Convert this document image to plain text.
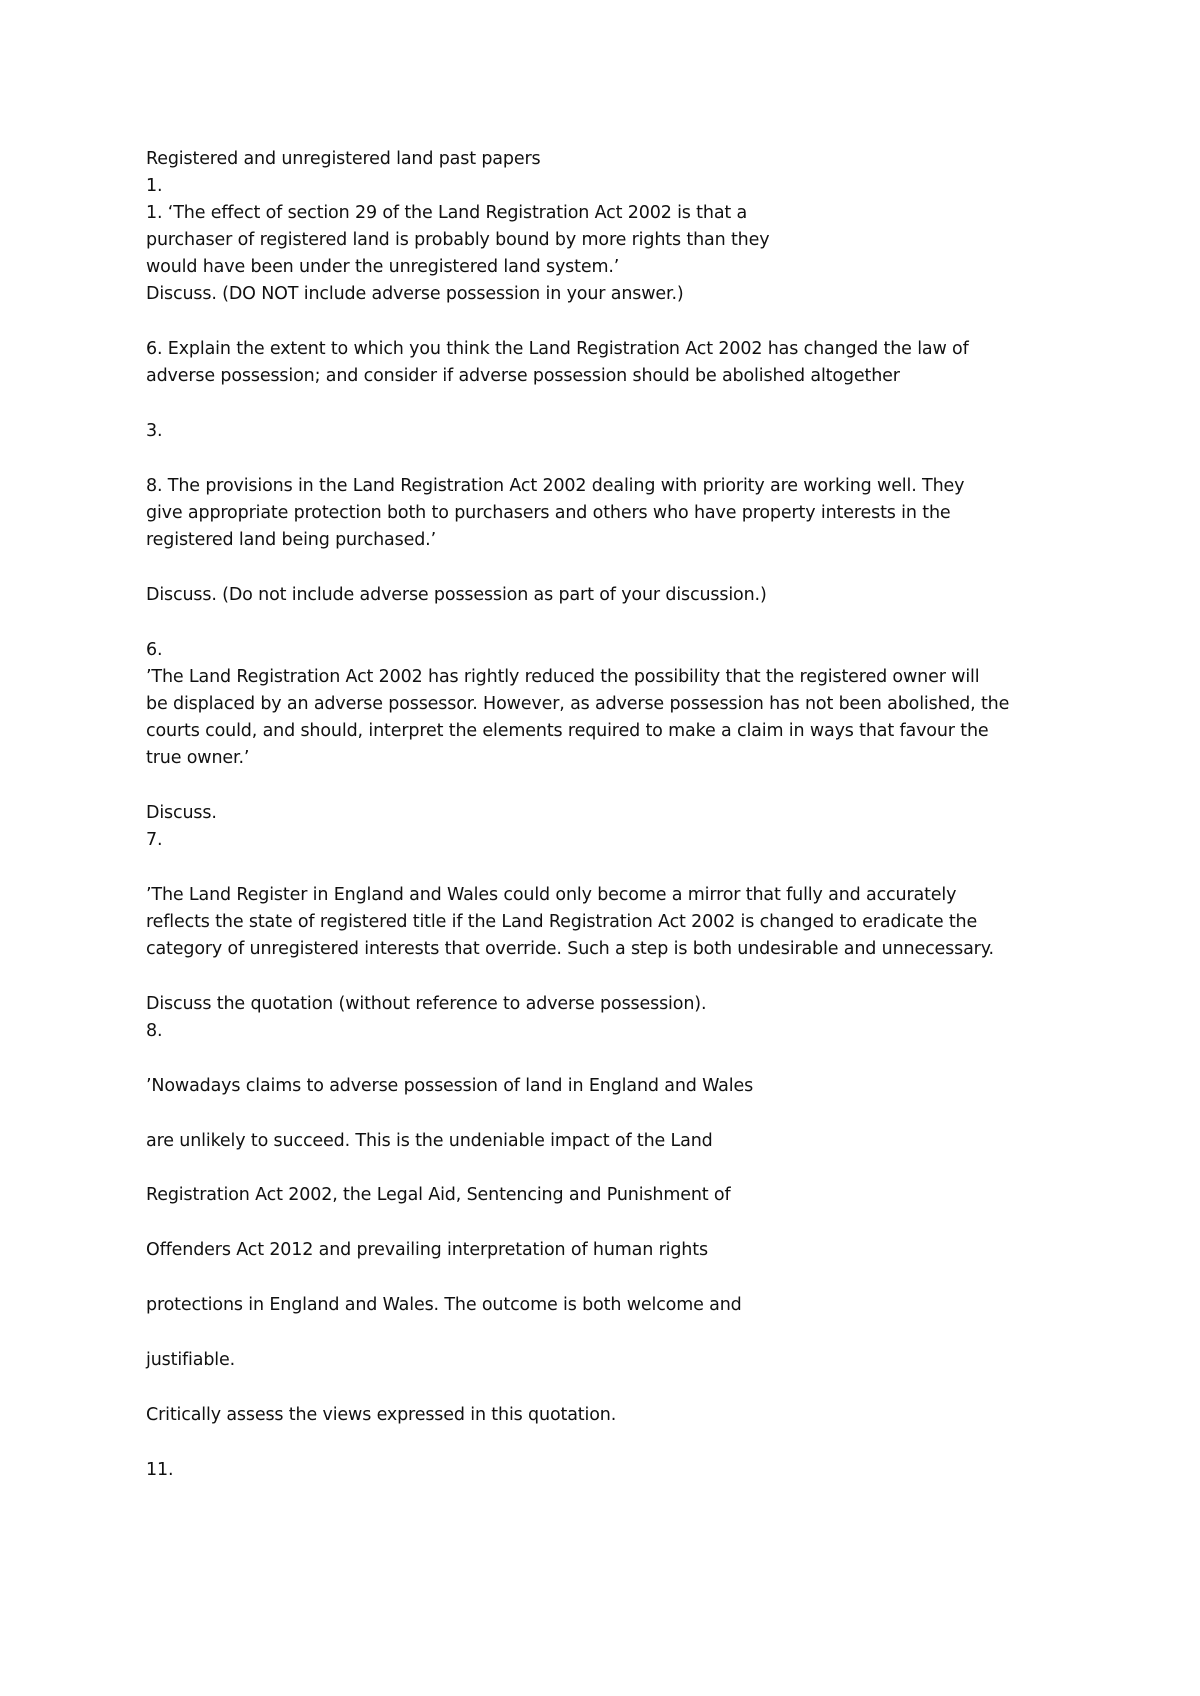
Registered and unregistered land past papers

1.

1. ‘The effect of section 29 of the Land Registration Act 2002 is that a

purchaser of registered land is probably bound by more rights than they

would have been under the unregistered land system.’

Discuss. (DO NOT include adverse possession in your answer.)

6. Explain the extent to which you think the Land Registration Act 2002 has changed the law of

adverse possession; and consider if adverse possession should be abolished altogether

3.

8. The provisions in the Land Registration Act 2002 dealing with priority are working well. They

give appropriate protection both to purchasers and others who have property interests in the

registered land being purchased.’

Discuss. (Do not include adverse possession as part of your discussion.)

6.

’The Land Registration Act 2002 has rightly reduced the possibility that the registered owner will

be displaced by an adverse possessor. However, as adverse possession has not been abolished, the

courts could, and should, interpret the elements required to make a claim in ways that favour the

true owner.’

Discuss.

7.

’The Land Register in England and Wales could only become a mirror that fully and accurately

reflects the state of registered title if the Land Registration Act 2002 is changed to eradicate the

category of unregistered interests that override. Such a step is both undesirable and unnecessary.

Discuss the quotation (without reference to adverse possession).

8.

’Nowadays claims to adverse possession of land in England and Wales

are unlikely to succeed. This is the undeniable impact of the Land

Registration Act 2002, the Legal Aid, Sentencing and Punishment of

Offenders Act 2012 and prevailing interpretation of human rights

protections in England and Wales. The outcome is both welcome and

justifiable.

Critically assess the views expressed in this quotation.

11.
